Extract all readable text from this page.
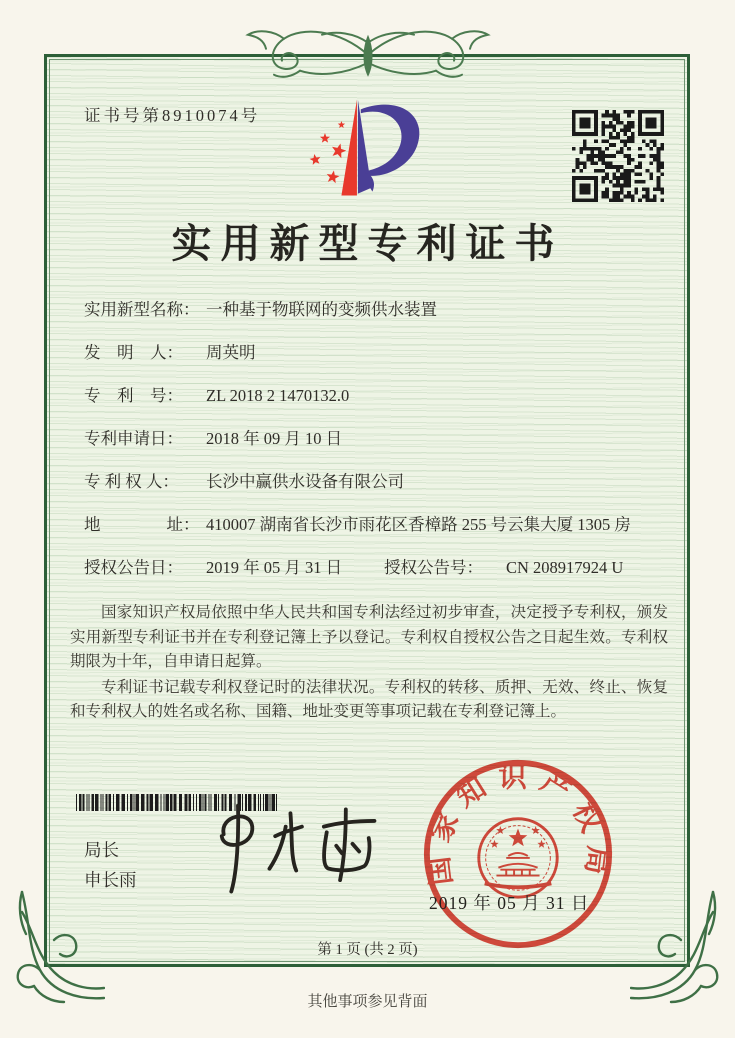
证书号第8910074号
实用新型专利证书
实用新型名称： 一种基于物联网的变频供水装置
发　明　人：	周英明
专　利　号：	ZL 2018 2 1470132.0
专利申请日：	2018 年 09 月 10 日
专 利 权 人：	长沙中赢供水设备有限公司
地　　　　址： 410007 湖南省长沙市雨花区香樟路 255 号云集大厦 1305 房
授权公告日：	2019 年 05 月 31 日	授权公告号：	CN 208917924 U

国家知识产权局依照中华人民共和国专利法经过初步审查，决定授予专利权，颁发实用新型专利证书并在专利登记簿上予以登记。专利权自授权公告之日起生效。专利权期限为十年，自申请日起算。

专利证书记载专利权登记时的法律状况。专利权的转移、质押、无效、终止、恢复和专利权人的姓名或名称、国籍、地址变更等事项记载在专利登记簿上。

局长
申长雨	国家知识产权局
2019 年 05 月 31 日
第 1 页 (共 2 页)
其他事项参见背面
